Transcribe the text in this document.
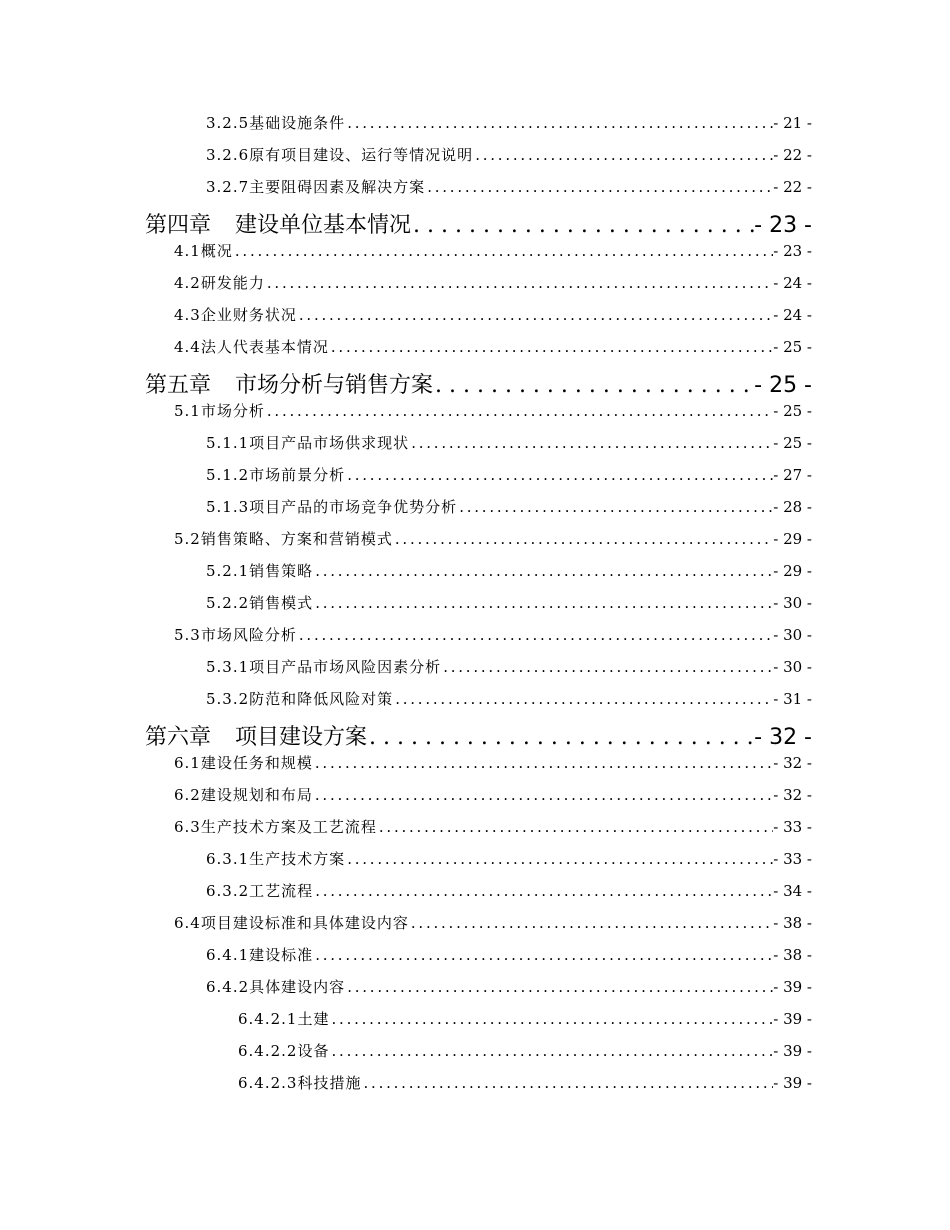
3.2.5 基础设施条件 . . .	- 21 -
3.2.6 原有项目建设、运行等情况说明 . . .	- 22 -
3.2.7 主要阻碍因素及解决方案 . . .	- 22 -
第四章	建设单位基本情况 . . .	- 23 -
4.1 概况 . . .	- 23 -
4.2 研发能力 . . .	- 24 -
4.3 企业财务状况 . . .	- 24 -
4.4 法人代表基本情况 . . .	- 25 -
第五章	市场分析与销售方案 . . .	- 25 -
5.1 市场分析 . . .	- 25 -
5.1.1 项目产品市场供求现状 . . .	- 25 -
5.1.2 市场前景分析 . . .	- 27 -
5.1.3 项目产品的市场竞争优势分析 . . .	- 28 -
5.2 销售策略、方案和营销模式 . . .	- 29 -
5.2.1 销售策略 . . .	- 29 -
5.2.2 销售模式 . . .	- 30 -
5.3 市场风险分析 . . .	- 30 -
5.3.1 项目产品市场风险因素分析 . . .	- 30 -
5.3.2 防范和降低风险对策 . . .	- 31 -
第六章	项目建设方案 . . .	- 32 -
6.1 建设任务和规模 . . .	- 32 -
6.2 建设规划和布局 . . .	- 32 -
6.3 生产技术方案及工艺流程 . . .	- 33 -
6.3.1 生产技术方案 . . .	- 33 -
6.3.2 工艺流程 . . .	- 34 -
6.4 项目建设标准和具体建设内容 . . .	- 38 -
6.4.1 建设标准 . . .	- 38 -
6.4.2 具体建设内容 . . .	- 39 -
6.4.2.1 土建 . . .	- 39 -
6.4.2.2 设备 . . .	- 39 -
6.4.2.3 科技措施 . . .	- 39 -
